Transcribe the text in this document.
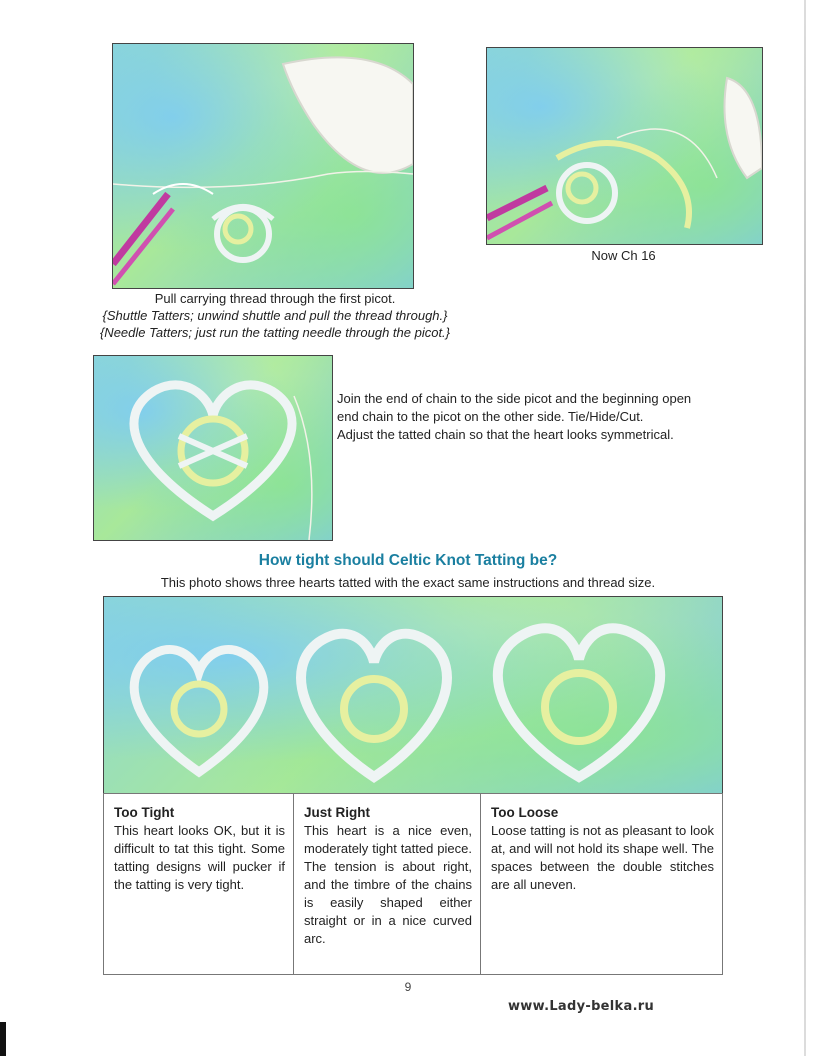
Pull carrying thread through the first picot.
{Shuttle Tatters; unwind shuttle and pull the thread through.}
{Needle Tatters; just run the tatting needle through the picot.}
Now Ch 16
Join the end of chain to the side picot and the beginning open
end chain to the picot on the other side. Tie/Hide/Cut.
Adjust the tatted chain so that the heart looks symmetrical.
How tight should Celtic Knot Tatting be?
This photo shows three hearts tatted with the exact same instructions and thread size.
Too Tight
This heart looks OK, but it is difficult to tat this tight. Some tatting designs will pucker if the tatting is very tight.
Just Right
This heart is a nice even, moderately tight tatted piece. The tension is about right, and the timbre of the chains is easily shaped either straight or in a nice curved arc.
Too Loose
Loose tatting is not as pleasant to look at, and will not hold its shape well. The spaces between the double stitches are all uneven.
9
www.Lady-belka.ru
